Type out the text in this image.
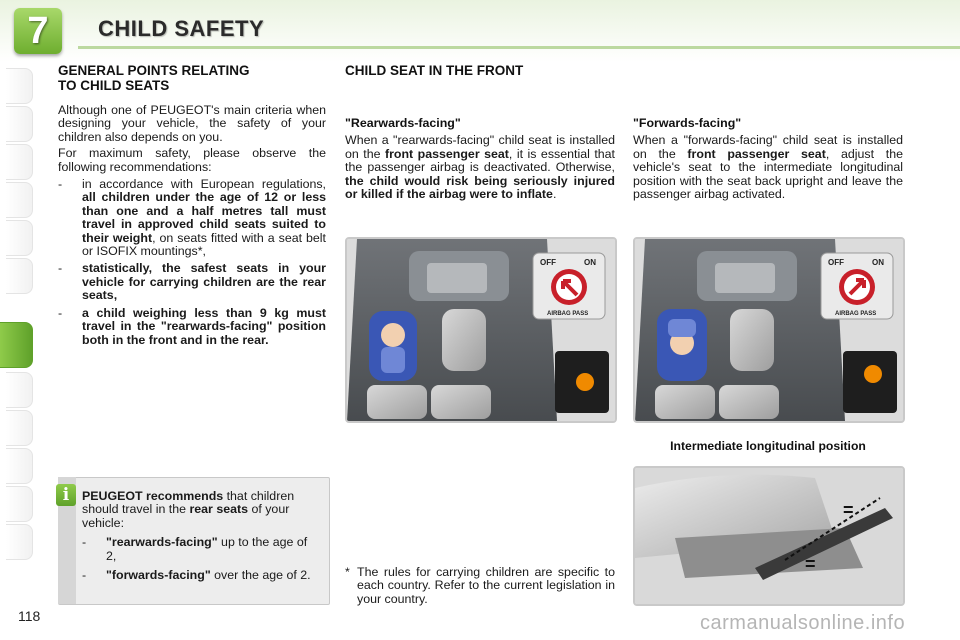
7	CHILD SAFETY
GENERAL POINTS RELATING
TO CHILD SEATS
Although one of PEUGEOT's main criteria when designing your vehicle, the safety of your children also depends on you.
For maximum safety, please observe the following recommendations:
- in accordance with European regulations, all children under the age of 12 or less than one and a half metres tall must travel in approved child seats suited to their weight, on seats fitted with a seat belt or ISOFIX mountings*,
- statistically, the safest seats in your vehicle for carrying children are the rear seats,
- a child weighing less than 9 kg must travel in the "rearwards-facing" position both in the front and in the rear.
i	PEUGEOT recommends that children should travel in the rear seats of your vehicle:
- "rearwards-facing" up to the age of 2,
- "forwards-facing" over the age of 2.
CHILD SEAT IN THE FRONT
"Rearwards-facing"
When a "rearwards-facing" child seat is installed on the front passenger seat, it is essential that the passenger airbag is deactivated. Otherwise, the child would risk being seriously injured or killed if the airbag were to inflate.
"Forwards-facing"
When a "forwards-facing" child seat is installed on the front passenger seat, adjust the vehicle's seat to the intermediate longitudinal position with the seat back upright and leave the passenger airbag activated.
OFF	ON
AIRBAG PASS
OFF	ON
AIRBAG PASS
Intermediate longitudinal position
=
=
* The rules for carrying children are specific to each country. Refer to the current legislation in your country.
118	carmanualsonline.info
